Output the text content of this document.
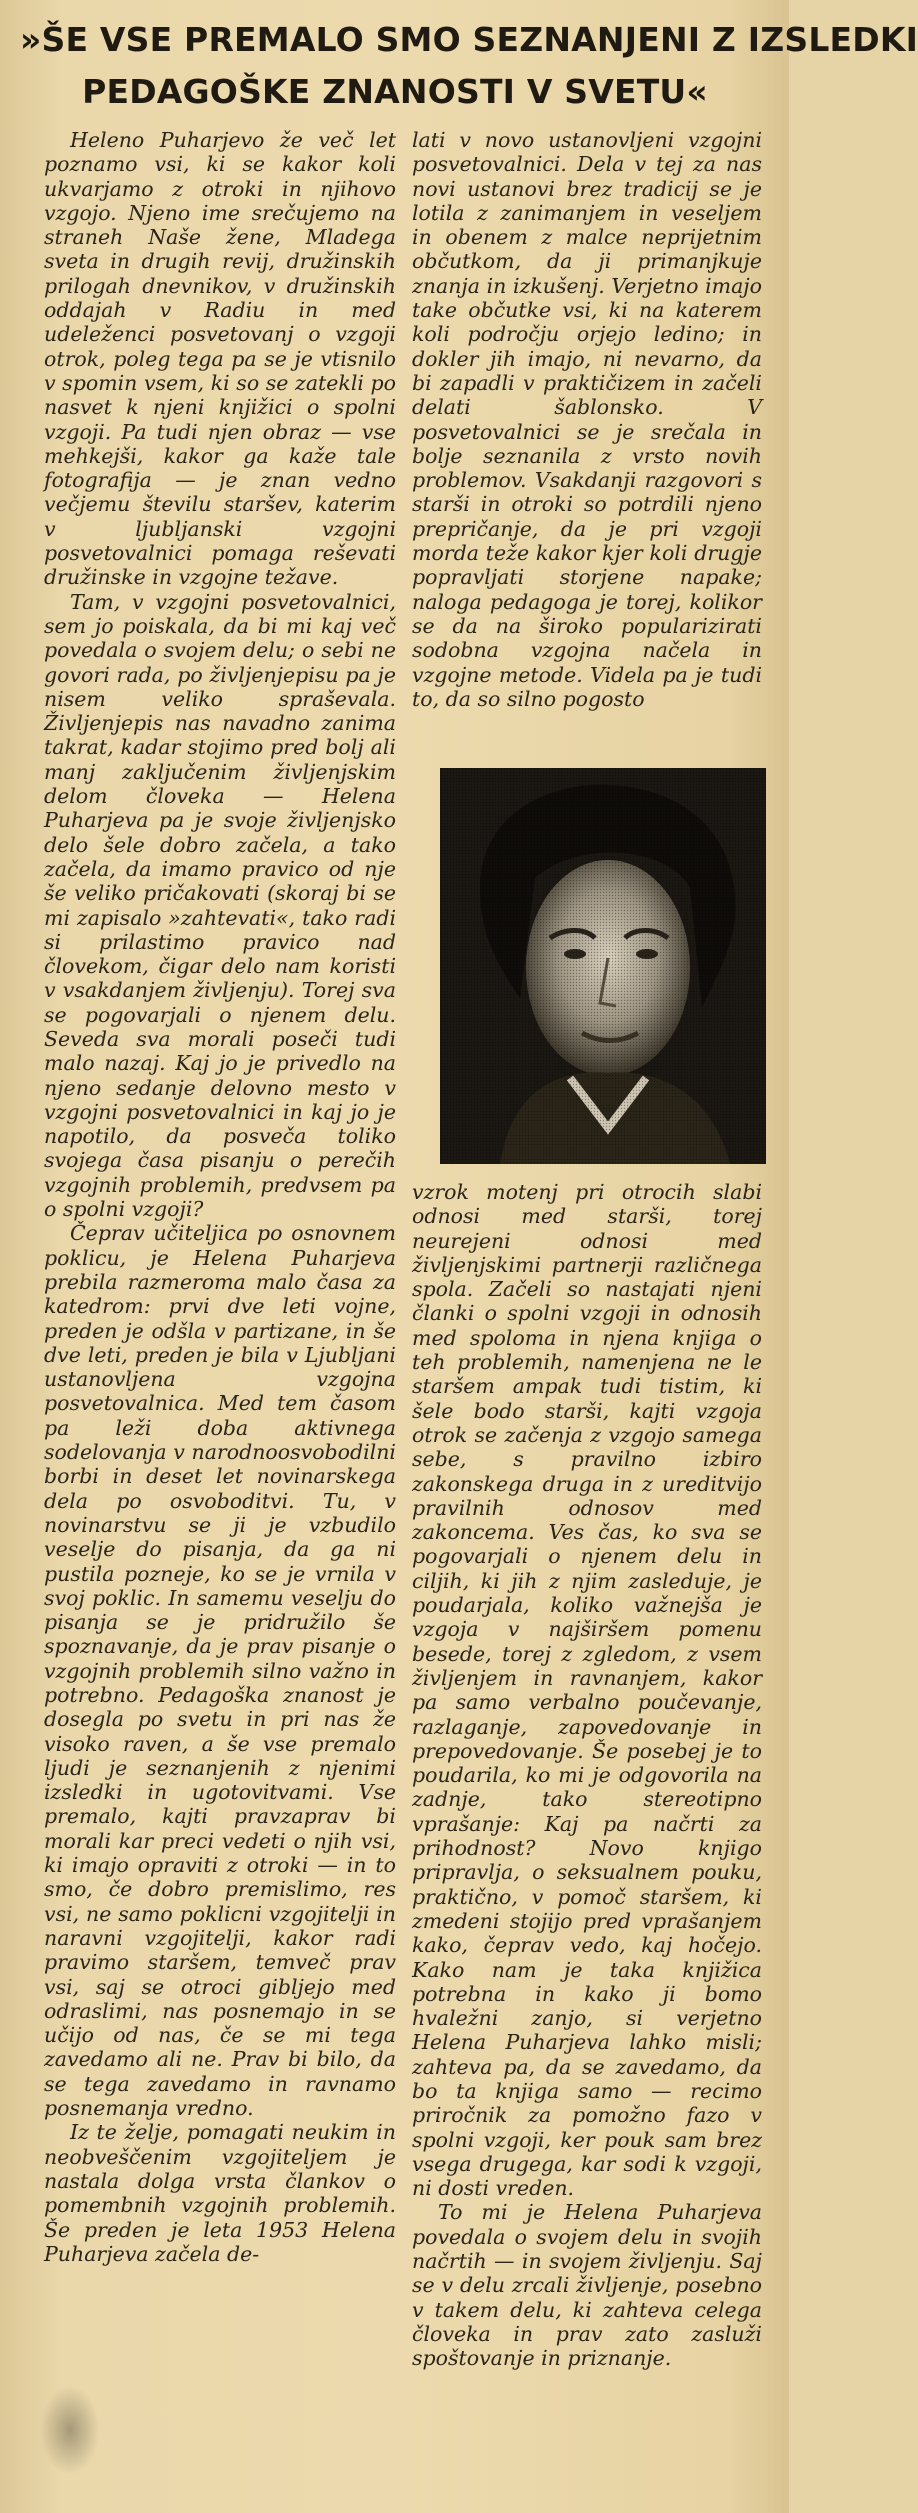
»ŠE VSE PREMALO SMO SEZNANJENI Z IZSLEDKI
PEDAGOŠKE ZNANOSTI V SVETU«

Heleno Puharjevo že več let poznamo vsi, ki se kakor koli ukvarjamo z otroki in njihovo vzgojo. Njeno ime srečujemo na straneh Naše žene, Mladega sveta in drugih revij, družinskih prilogah dnevnikov, v družinskih oddajah v Radiu in med udeleženci posvetovanj o vzgoji otrok, poleg tega pa se je vtisnilo v spomin vsem, ki so se zatekli po nasvet k njeni knjižici o spolni vzgoji. Pa tudi njen obraz — vse mehkejši, kakor ga kaže tale fotografija — je znan vedno večjemu številu staršev, katerim v ljubljanski vzgojni posvetovalnici pomaga reševati družinske in vzgojne težave.

Tam, v vzgojni posvetovalnici, sem jo poiskala, da bi mi kaj več povedala o svojem delu; o sebi ne govori rada, po življenjepisu pa je nisem veliko spraševala. Življenjepis nas navadno zanima takrat, kadar stojimo pred bolj ali manj zaključenim življenjskim delom človeka — Helena Puharjeva pa je svoje življenjsko delo šele dobro začela, a tako začela, da imamo pravico od nje še veliko pričakovati (skoraj bi se mi zapisalo »zahtevati«, tako radi si prilastimo pravico nad človekom, čigar delo nam koristi v vsakdanjem življenju). Torej sva se pogovarjali o njenem delu. Seveda sva morali poseči tudi malo nazaj. Kaj jo je privedlo na njeno sedanje delovno mesto v vzgojni posvetovalnici in kaj jo je napotilo, da posveča toliko svojega časa pisanju o perečih vzgojnih problemih, predvsem pa o spolni vzgoji?

Čeprav učiteljica po osnovnem poklicu, je Helena Puharjeva prebila razmeroma malo časa za katedrom: prvi dve leti vojne, preden je odšla v partizane, in še dve leti, preden je bila v Ljubljani ustanovljena vzgojna posvetovalnica. Med tem časom pa leži doba aktivnega sodelovanja v narodnoosvobodilni borbi in deset let novinarskega dela po osvoboditvi. Tu, v novinarstvu se ji je vzbudilo veselje do pisanja, da ga ni pustila pozneje, ko se je vrnila v svoj poklic. In samemu veselju do pisanja se je pridružilo še spoznavanje, da je prav pisanje o vzgojnih problemih silno važno in potrebno. Pedagoška znanost je dosegla po svetu in pri nas že visoko raven, a še vse premalo ljudi je seznanjenih z njenimi izsledki in ugotovitvami. Vse premalo, kajti pravzaprav bi morali kar preci vedeti o njih vsi, ki imajo opraviti z otroki — in to smo, če dobro premislimo, res vsi, ne samo poklicni vzgojitelji in naravni vzgojitelji, kakor radi pravimo staršem, temveč prav vsi, saj se otroci gibljejo med odraslimi, nas posnemajo in se učijo od nas, če se mi tega zavedamo ali ne. Prav bi bilo, da se tega zavedamo in ravnamo posnemanja vredno.

Iz te želje, pomagati neukim in neobveščenim vzgojiteljem je nastala dolga vrsta člankov o pomembnih vzgojnih problemih. Še preden je leta 1953 Helena Puharjeva začela de-

lati v novo ustanovljeni vzgojni posvetovalnici. Dela v tej za nas novi ustanovi brez tradicij se je lotila z zanimanjem in veseljem in obenem z malce neprijetnim občutkom, da ji primanjkuje znanja in izkušenj. Verjetno imajo take občutke vsi, ki na katerem koli področju orjejo ledino; in dokler jih imajo, ni nevarno, da bi zapadli v praktičizem in začeli delati šablonsko. V posvetovalnici se je srečala in bolje seznanila z vrsto novih problemov. Vsakdanji razgovori s starši in otroki so potrdili njeno prepričanje, da je pri vzgoji morda teže kakor kjer koli drugje popravljati storjene napake; naloga pedagoga je torej, kolikor se da na široko popularizirati sodobna vzgojna načela in vzgojne metode. Videla pa je tudi to, da so silno pogosto

vzrok motenj pri otrocih slabi odnosi med starši, torej neurejeni odnosi med življenjskimi partnerji različnega spola. Začeli so nastajati njeni članki o spolni vzgoji in odnosih med spoloma in njena knjiga o teh problemih, namenjena ne le staršem ampak tudi tistim, ki šele bodo starši, kajti vzgoja otrok se začenja z vzgojo samega sebe, s pravilno izbiro zakonskega druga in z ureditvijo pravilnih odnosov med zakoncema. Ves čas, ko sva se pogovarjali o njenem delu in ciljih, ki jih z njim zasleduje, je poudarjala, koliko važnejša je vzgoja v najširšem pomenu besede, torej z zgledom, z vsem življenjem in ravnanjem, kakor pa samo verbalno poučevanje, razlaganje, zapovedovanje in prepovedovanje. Še posebej je to poudarila, ko mi je odgovorila na zadnje, tako stereotipno vprašanje: Kaj pa načrti za prihodnost? Novo knjigo pripravlja, o seksualnem pouku, praktično, v pomoč staršem, ki zmedeni stojijo pred vprašanjem kako, čeprav vedo, kaj hočejo. Kako nam je taka knjižica potrebna in kako ji bomo hvaležni zanjo, si verjetno Helena Puharjeva lahko misli; zahteva pa, da se zavedamo, da bo ta knjiga samo — recimo priročnik za pomožno fazo v spolni vzgoji, ker pouk sam brez vsega drugega, kar sodi k vzgoji, ni dosti vreden.

To mi je Helena Puharjeva povedala o svojem delu in svojih načrtih — in svojem življenju. Saj se v delu zrcali življenje, posebno v takem delu, ki zahteva celega človeka in prav zato zasluži spoštovanje in priznanje.
